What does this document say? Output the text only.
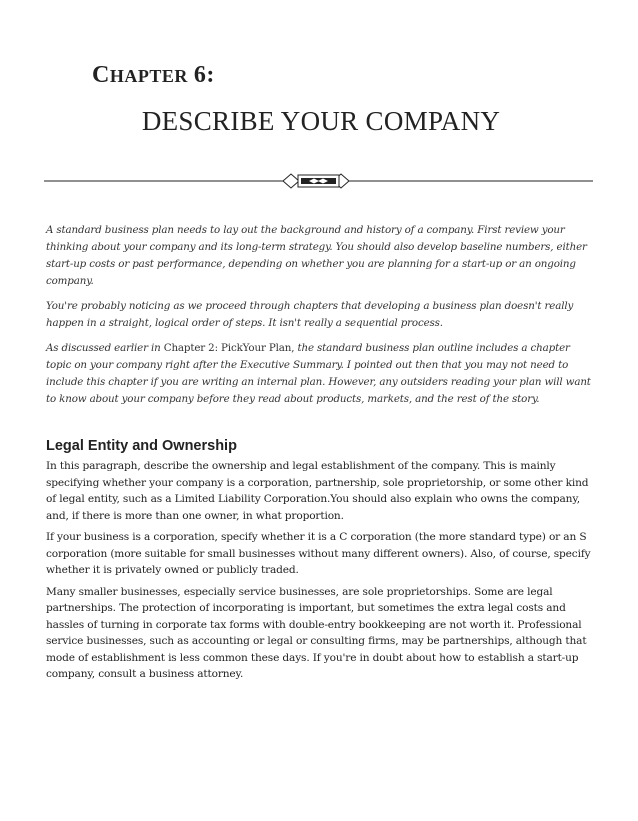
CHAPTER 6:
DESCRIBE YOUR COMPANY

A standard business plan needs to lay out the background and history of a company. First review your thinking about your company and its long-term strategy. You should also develop baseline numbers, either start-up costs or past performance, depending on whether you are planning for a start-up or an ongoing company.

You're probably noticing as we proceed through chapters that developing a business plan doesn't really happen in a straight, logical order of steps. It isn't really a sequential process.

As discussed earlier in Chapter 2: PickYour Plan, the standard business plan outline includes a chapter topic on your company right after the Executive Summary. I pointed out then that you may not need to include this chapter if you are writing an internal plan. However, any outsiders reading your plan will want to know about your company before they read about products, markets, and the rest of the story.

Legal Entity and Ownership

In this paragraph, describe the ownership and legal establishment of the company. This is mainly specifying whether your company is a corporation, partnership, sole proprietorship, or some other kind of legal entity, such as a Limited Liability Corporation.You should also explain who owns the company, and, if there is more than one owner, in what proportion.

If your business is a corporation, specify whether it is a C corporation (the more standard type) or an S corporation (more suitable for small businesses without many different owners). Also, of course, specify whether it is privately owned or publicly traded.

Many smaller businesses, especially service businesses, are sole proprietorships. Some are legal partnerships. The protection of incorporating is important, but sometimes the extra legal costs and hassles of turning in corporate tax forms with double-entry bookkeeping are not worth it. Professional service businesses, such as accounting or legal or consulting firms, may be partnerships, although that mode of establishment is less common these days. If you're in doubt about how to establish a start-up company, consult a business attorney.
